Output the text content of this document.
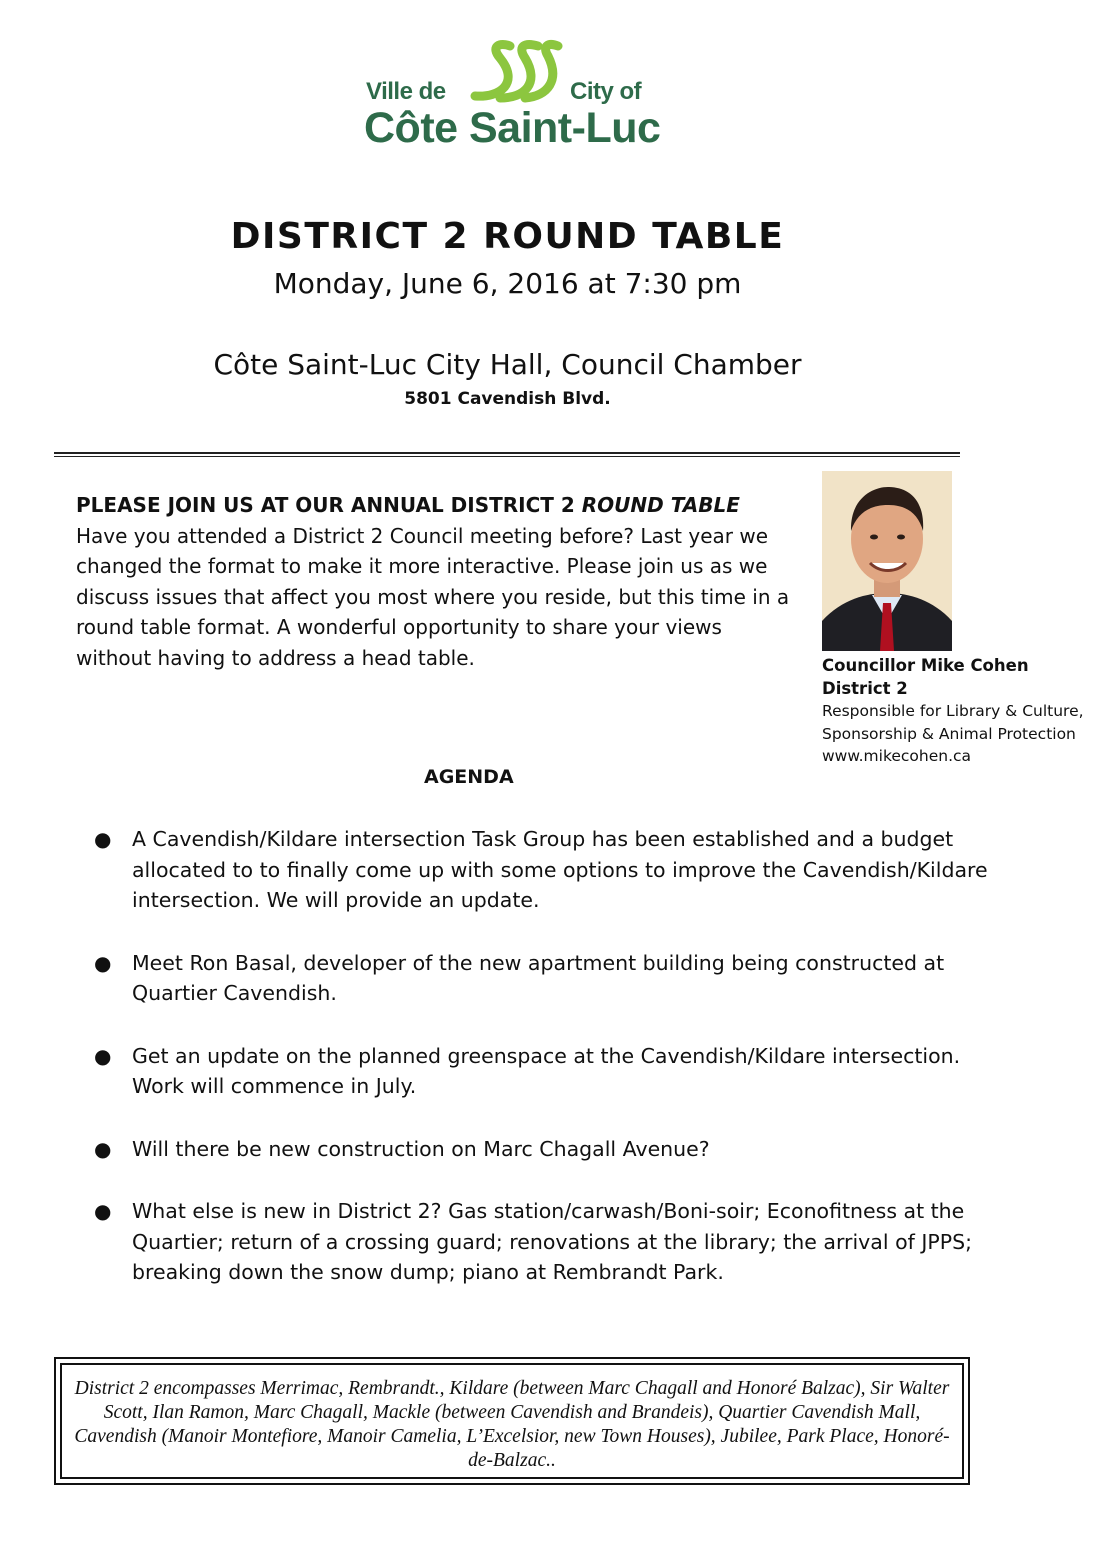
Ville de	City of
Côte Saint-Luc
DISTRICT 2 ROUND TABLE
Monday, June 6, 2016 at 7:30 pm
Côte Saint-Luc City Hall, Council Chamber
5801 Cavendish Blvd.
PLEASE JOIN US AT OUR ANNUAL DISTRICT 2 ROUND TABLE
Have you attended a District 2 Council meeting before? Last year we changed the format to make it more interactive. Please join us as we discuss issues that affect you most where you reside, but this time in a round table format. A wonderful opportunity to share your views without having to address a head table.	Councillor Mike Cohen
District 2
Responsible for Library & Culture, Sponsorship & Animal Protection
www.mikecohen.ca
AGENDA
● A Cavendish/Kildare intersection Task Group has been established and a budget allocated to to finally come up with some options to improve the Cavendish/Kildare intersection. We will provide an update.
● Meet Ron Basal, developer of the new apartment building being constructed at Quartier Cavendish.
● Get an update on the planned greenspace at the Cavendish/Kildare intersection. Work will commence in July.
● Will there be new construction on Marc Chagall Avenue?
● What else is new in District 2? Gas station/carwash/Boni-soir; Econofitness at the Quartier; return of a crossing guard; renovations at the library; the arrival of JPPS; breaking down the snow dump; piano at Rembrandt Park.
District 2 encompasses Merrimac, Rembrandt., Kildare (between Marc Chagall and Honoré Balzac), Sir Walter Scott, Ilan Ramon, Marc Chagall, Mackle (between Cavendish and Brandeis), Quartier Cavendish Mall, Cavendish (Manoir Montefiore, Manoir Camelia, L’Excelsior, new Town Houses), Jubilee, Park Place, Honoré-de-Balzac..
